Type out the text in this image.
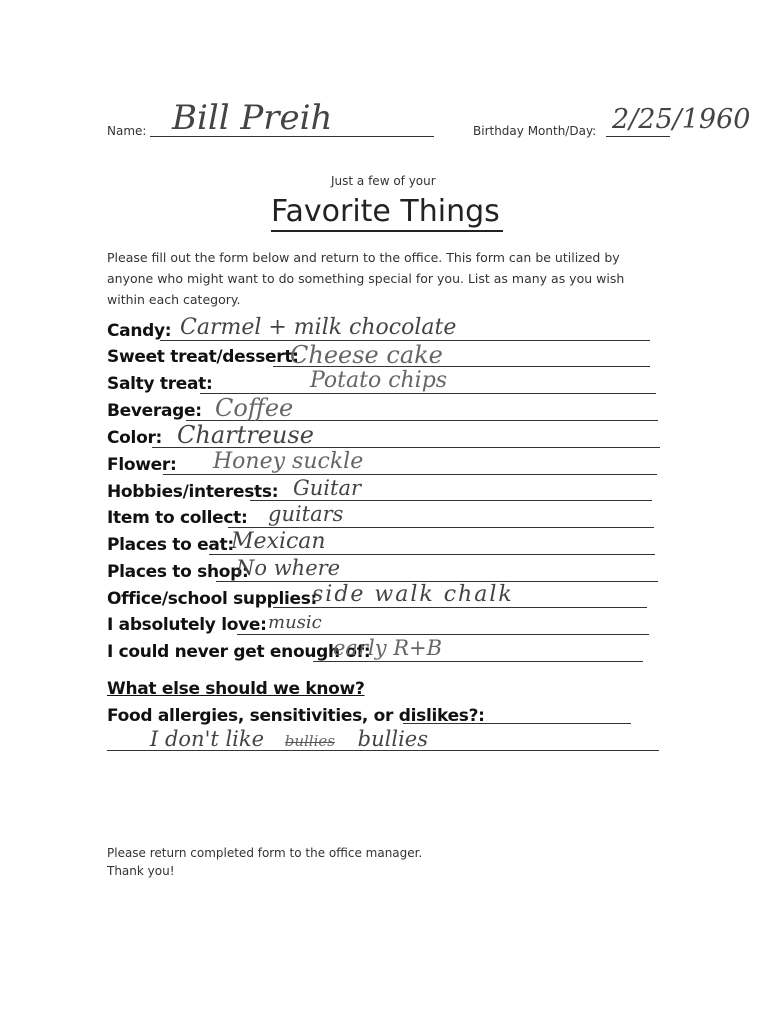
Name: Bill Preih	Birthday Month/Day: 2/25/1960
Just a few of your
Favorite Things
Please fill out the form below and return to the office. This form can be utilized by anyone who might want to do something special for you. List as many as you wish within each category.
Candy: Carmel + milk chocolate
Sweet treat/dessert:
Cheese cake
Salty treat:	Potato chips
Beverage: Coffee
Color: Chartreuse
Flower: Honey suckle
Hobbies/interests: Guitar
Item to collect: guitars
Places to eat:
Mexican
Places to shop:
No where
Office/school supplies:
side walk chalk
I absolutely love: music
I could never get enough of:
early R+B
What else should we know?
Food allergies, sensitivities, or dislikes?:
I don't like bullies bullies
Please return completed form to the office manager.
Thank you!
